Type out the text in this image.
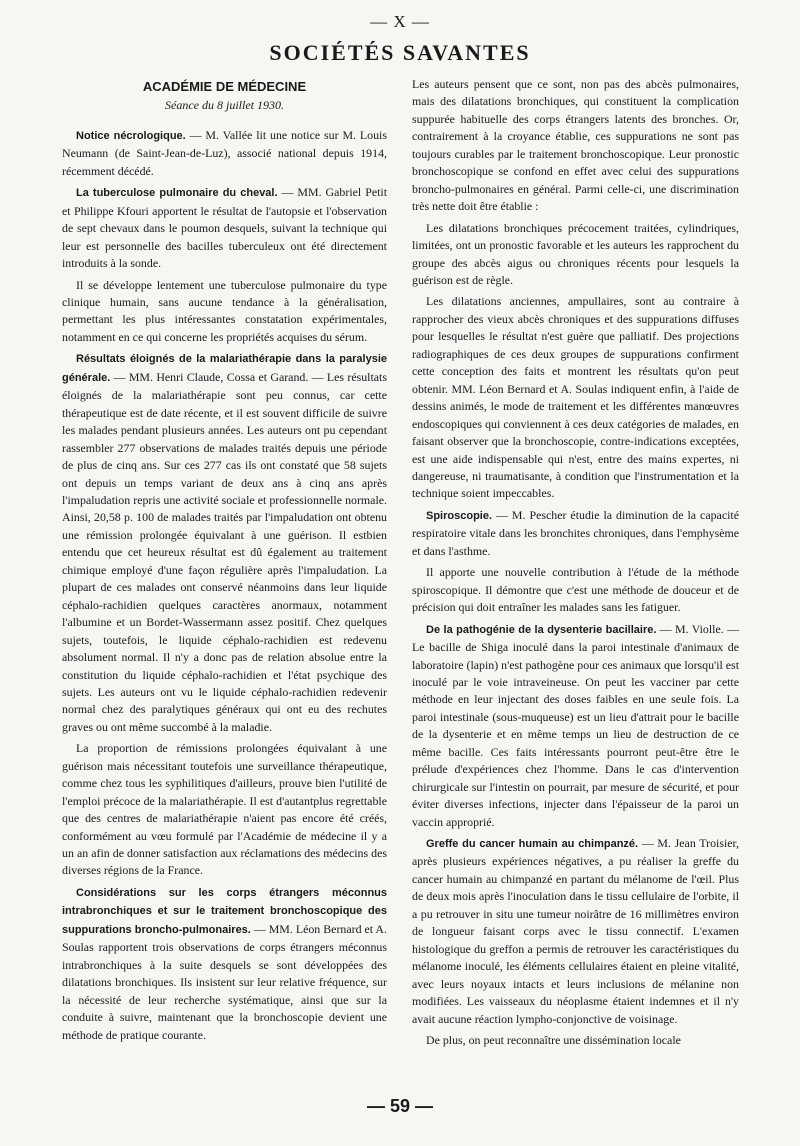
— X —
SOCIÉTÉS SAVANTES
ACADÉMIE DE MÉDECINE
Séance du 8 juillet 1930.

Notice nécrologique. — M. Vallée lit une notice sur M. Louis Neumann (de Saint-Jean-de-Luz), associé national depuis 1914, récemment décédé.

La tuberculose pulmonaire du cheval. — MM. Gabriel Petit et Philippe Kfouri apportent le résultat de l'autopsie et l'observation de sept chevaux dans le poumon desquels, suivant la technique qui leur est personnelle des bacilles tuberculeux ont été directement introduits à la sonde.

Il se développe lentement une tuberculose pulmonaire du type clinique humain, sans aucune tendance à la généralisation, permettant les plus intéressantes constatation expérimentales, notamment en ce qui concerne les propriétés acquises du sérum.

Résultats éloignés de la malariathérapie dans la paralysie générale. — MM. Henri Claude, Cossa et Garand. — Les résultats éloignés de la malariathérapie sont peu connus, car cette thérapeutique est de date récente, et il est souvent difficile de suivre les malades pendant plusieurs années. Les auteurs ont pu cependant rassembler 277 observations de malades traités depuis une période de plus de cinq ans. Sur ces 277 cas ils ont constaté que 58 sujets ont depuis un temps variant de deux ans à cinq ans après l'impaludation repris une activité sociale et professionnelle normale. Ainsi, 20,58 p. 100 de malades traités par l'impaludation ont obtenu une rémission prolongée équivalant à une guérison. Il estbien entendu que cet heureux résultat est dû également au traitement chimique employé d'une façon régulière après l'impaludation. La plupart de ces malades ont conservé néanmoins dans leur liquide céphalo-rachidien quelques caractères anormaux, notamment l'albumine et un Bordet-Wassermann assez positif. Chez quelques sujets, toutefois, le liquide céphalo-rachidien est redevenu absolument normal. Il n'y a donc pas de relation absolue entre la constitution du liquide céphalo-rachidien et l'état psychique des sujets. Les auteurs ont vu le liquide céphalo-rachidien redevenir normal chez des paralytiques généraux qui ont eu des rechutes graves ou ont même succombé à la maladie.

La proportion de rémissions prolongées équivalant à une guérison mais nécessitant toutefois une surveillance thérapeutique, comme chez tous les syphilitiques d'ailleurs, prouve bien l'utilité de l'emploi précoce de la malariathérapie. Il est d'autantplus regrettable que des centres de malariathérapie n'aient pas encore été créés, conformément au vœu formulé par l'Académie de médecine il y a un an afin de donner satisfaction aux réclamations des médecins des diverses régions de la France.

Considérations sur les corps étrangers méconnus intrabronchiques et sur le traitement bronchoscopique des suppurations broncho-pulmonaires. — MM. Léon Bernard et A. Soulas rapportent trois observations de corps étrangers méconnus intrabronchiques à la suite desquels se sont développées des dilatations bronchiques. Ils insistent sur leur relative fréquence, sur la nécessité de leur recherche systématique, ainsi que sur la conduite à suivre, maintenant que la bronchoscopie devient une méthode de pratique courante.

Les auteurs pensent que ce sont, non pas des abcès pulmonaires, mais des dilatations bronchiques, qui constituent la complication suppurée habituelle des corps étrangers latents des bronches. Or, contrairement à la croyance établie, ces suppurations ne sont pas toujours curables par le traitement bronchoscopique. Leur pronostic bronchoscopique se confond en effet avec celui des suppurations broncho-pulmonaires en général. Parmi celle-ci, une discrimination très nette doit être établie :

Les dilatations bronchiques précocement traitées, cylindriques, limitées, ont un pronostic favorable et les auteurs les rapprochent du groupe des abcès aigus ou chroniques récents pour lesquels la guérison est de règle.

Les dilatations anciennes, ampullaires, sont au contraire à rapprocher des vieux abcès chroniques et des suppurations diffuses pour lesquelles le résultat n'est guère que palliatif. Des projections radiographiques de ces deux groupes de suppurations confirment cette conception des faits et montrent les résultats qu'on peut obtenir. MM. Léon Bernard et A. Soulas indiquent enfin, à l'aide de dessins animés, le mode de traitement et les différentes manœuvres endoscopiques qui conviennent à ces deux catégories de malades, en faisant observer que la bronchoscopie, contre-indications exceptées, est une aide indispensable qui n'est, entre des mains expertes, ni dangereuse, ni traumatisante, à condition que l'instrumentation et la technique soient impeccables.

Spiroscopie. — M. Pescher étudie la diminution de la capacité respiratoire vitale dans les bronchites chroniques, dans l'emphysème et dans l'asthme.

Il apporte une nouvelle contribution à l'étude de la méthode spiroscopique. Il démontre que c'est une méthode de douceur et de précision qui doit entraîner les malades sans les fatiguer.

De la pathogénie de la dysenterie bacillaire. — M. Violle. — Le bacille de Shiga inoculé dans la paroi intestinale d'animaux de laboratoire (lapin) n'est pathogène pour ces animaux que lorsqu'il est inoculé par le voie intraveineuse. On peut les vacciner par cette méthode en leur injectant des doses faibles en une seule fois. La paroi intestinale (sous-muqueuse) est un lieu d'attrait pour le bacille de la dysenterie et en même temps un lieu de destruction de ce même bacille. Ces faits intéressants pourront peut-être être le prélude d'expériences chez l'homme. Dans le cas d'intervention chirurgicale sur l'intestin on pourrait, par mesure de sécurité, et pour éviter diverses infections, injecter dans l'épaisseur de la paroi un vaccin approprié.

Greffe du cancer humain au chimpanzé. — M. Jean Troisier, après plusieurs expériences négatives, a pu réaliser la greffe du cancer humain au chimpanzé en partant du mélanome de l'œil. Plus de deux mois après l'inoculation dans le tissu cellulaire de l'orbite, il a pu retrouver in situ une tumeur noirâtre de 16 millimètres environ de longueur faisant corps avec le tissu connectif. L'examen histologique du greffon a permis de retrouver les caractéristiques du mélanome inoculé, les éléments cellulaires étaient en pleine vitalité, avec leurs noyaux intacts et leurs inclusions de mélanine non modifiées. Les vaisseaux du néoplasme étaient indemnes et il n'y avait aucune réaction lympho-conjonctive de voisinage.

De plus, on peut reconnaître une dissémination locale

— 59 —
